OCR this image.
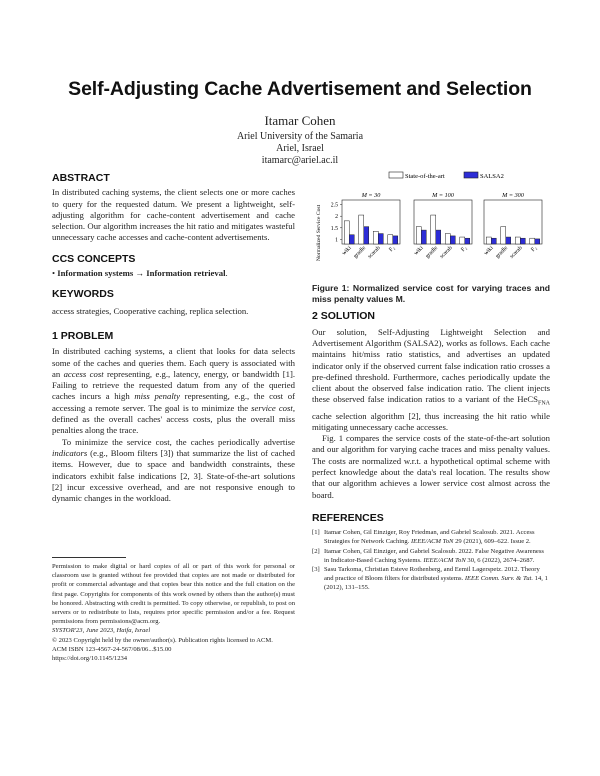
Self-Adjusting Cache Advertisement and Selection
Itamar Cohen
Ariel University of the Samaria
Ariel, Israel
itamarc@ariel.ac.il
ABSTRACT

In distributed caching systems, the client selects one or more caches to query for the requested datum. We present a lightweight, self-adjusting algorithm for cache-content advertisement and cache selection. Our algorithm increases the hit ratio and mitigates wasteful unnecessary cache accesses and cache-content advertisements.

CCS CONCEPTS

• Information systems → Information retrieval.

KEYWORDS

access strategies, Cooperative caching, replica selection.

1 PROBLEM

In distributed caching systems, a client that looks for data selects some of the caches and queries them. Each query is associated with an access cost representing, e.g., latency, energy, or bandwidth [1]. Failing to retrieve the requested datum from any of the queried caches incurs a high miss penalty representing, e.g., the cost of accessing a remote server. The goal is to minimize the service cost, defined as the overall caches' access costs, plus the overall miss penalties along the trace.

To minimize the service cost, the caches periodically advertise indicators (e.g., Bloom filters [3]) that summarize the list of cached items. However, due to space and bandwidth constraints, these indicators exhibit false indications [2, 3]. State-of-the-art solutions [2] incur excessive overhead, and are not responsive enough to dynamic changes in the workload.

Permission to make digital or hard copies of all or part of this work for personal or classroom use is granted without fee provided that copies are not made or distributed for profit or commercial advantage and that copies bear this notice and the full citation on the first page. Copyrights for components of this work owned by others than the author(s) must be honored. Abstracting with credit is permitted. To copy otherwise, or republish, to post on servers or to redistribute to lists, requires prior specific permission and/or a fee. Request permissions from permissions@acm.org.

SYSTOR'23, June 2023, Haifa, Israel

© 2023 Copyright held by the owner/author(s). Publication rights licensed to ACM.

ACM ISBN 123-4567-24-567/08/06...$15.00

https://doi.org/10.1145/1234

State-of-the-art	SALSA2
Normalized Service Cost 1
1.5
2
2.5
M = 30
wiki gradle scarab F₂
M = 100
wiki gradle scarab F₂
M = 300
wiki gradle scarab F₂

Figure 1: Normalized service cost for varying traces and miss penalty values M.

2 SOLUTION

Our solution, Self-Adjusting Lightweight Selection and Advertisement Algorithm (SALSA2), works as follows. Each cache maintains hit/miss ratio statistics, and advertises an updated indicator only if the observed current false indication ratio crosses a pre-defined threshold. Furthermore, caches periodically update the client about the observed false indication ratio. The client injects these observed false indication ratios to a variant of the HeCS$_{FNA}$ cache selection algorithm [2], thus increasing the hit ratio while mitigating unnecessary cache accesses.

Fig. 1 compares the service costs of the state-of-the-art solution and our algorithm for varying cache traces and miss penalty values. The costs are normalized w.r.t. a hypothetical optimal scheme with perfect knowledge about the data's real location. The results show that our algorithm achieves a lower service cost almost across the board.

REFERENCES
[1] Itamar Cohen, Gil Einziger, Roy Friedman, and Gabriel Scalosub. 2021. Access Strategies for Network Caching. IEEE/ACM ToN 29 (2021), 609–622. Issue 2.
[2] Itamar Cohen, Gil Einziger, and Gabriel Scalosub. 2022. False Negative Awareness in Indicator-Based Caching Systems. IEEE/ACM ToN 30, 6 (2022), 2674–2687.
[3] Sasu Tarkoma, Christian Esteve Rothenberg, and Eemil Lagerspetz. 2012. Theory and practice of Bloom filters for distributed systems. IEEE Comm. Surv. & Tut. 14, 1 (2012), 131–155.
